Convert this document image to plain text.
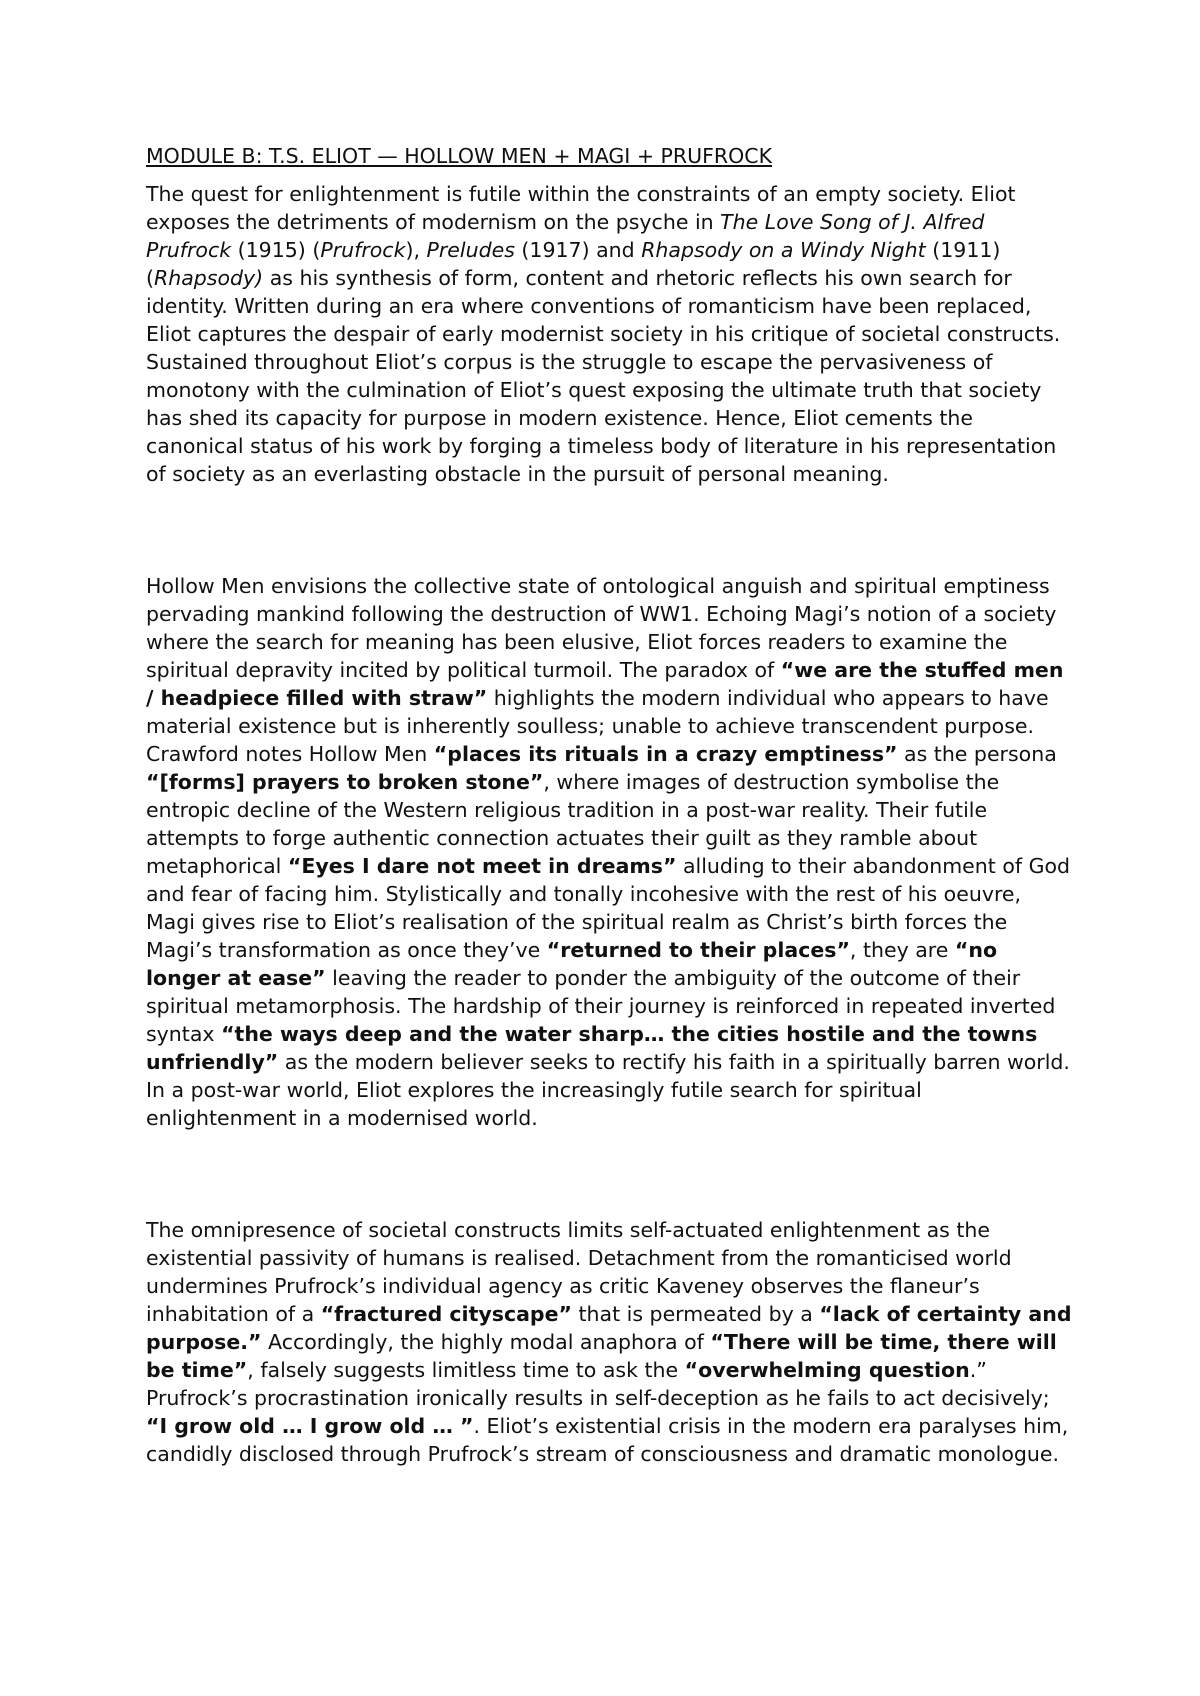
MODULE B: T.S. ELIOT — HOLLOW MEN + MAGI + PRUFROCK

The quest for enlightenment is futile within the constraints of an empty society. Eliot exposes the detriments of modernism on the psyche in The Love Song of J. Alfred Prufrock (1915) (Prufrock), Preludes (1917) and Rhapsody on a Windy Night (1911) (Rhapsody) as his synthesis of form, content and rhetoric reflects his own search for identity. Written during an era where conventions of romanticism have been replaced, Eliot captures the despair of early modernist society in his critique of societal constructs. Sustained throughout Eliot’s corpus is the struggle to escape the pervasiveness of monotony with the culmination of Eliot’s quest exposing the ultimate truth that society has shed its capacity for purpose in modern existence. Hence, Eliot cements the canonical status of his work by forging a timeless body of literature in his representation of society as an everlasting obstacle in the pursuit of personal meaning.

Hollow Men envisions the collective state of ontological anguish and spiritual emptiness pervading mankind following the destruction of WW1. Echoing Magi’s notion of a society where the search for meaning has been elusive, Eliot forces readers to examine the spiritual depravity incited by political turmoil. The paradox of “we are the stuffed men / headpiece filled with straw” highlights the modern individual who appears to have material existence but is inherently soulless; unable to achieve transcendent purpose. Crawford notes Hollow Men “places its rituals in a crazy emptiness” as the persona “[forms] prayers to broken stone”, where images of destruction symbolise the entropic decline of the Western religious tradition in a post-war reality. Their futile attempts to forge authentic connection actuates their guilt as they ramble about metaphorical “Eyes I dare not meet in dreams” alluding to their abandonment of God and fear of facing him. Stylistically and tonally incohesive with the rest of his oeuvre, Magi gives rise to Eliot’s realisation of the spiritual realm as Christ’s birth forces the Magi’s transformation as once they’ve “returned to their places”, they are “no longer at ease” leaving the reader to ponder the ambiguity of the outcome of their spiritual metamorphosis. The hardship of their journey is reinforced in repeated inverted syntax “the ways deep and the water sharp… the cities hostile and the towns unfriendly” as the modern believer seeks to rectify his faith in a spiritually barren world. In a post-war world, Eliot explores the increasingly futile search for spiritual enlightenment in a modernised world.

The omnipresence of societal constructs limits self-actuated enlightenment as the existential passivity of humans is realised. Detachment from the romanticised world undermines Prufrock’s individual agency as critic Kaveney observes the flaneur’s inhabitation of a “fractured cityscape” that is permeated by a “lack of certainty and purpose.” Accordingly, the highly modal anaphora of “There will be time, there will be time”, falsely suggests limitless time to ask the “overwhelming question.” Prufrock’s procrastination ironically results in self-deception as he fails to act decisively; “I grow old … I grow old … ”. Eliot’s existential crisis in the modern era paralyses him, candidly disclosed through Prufrock’s stream of consciousness and dramatic monologue.
